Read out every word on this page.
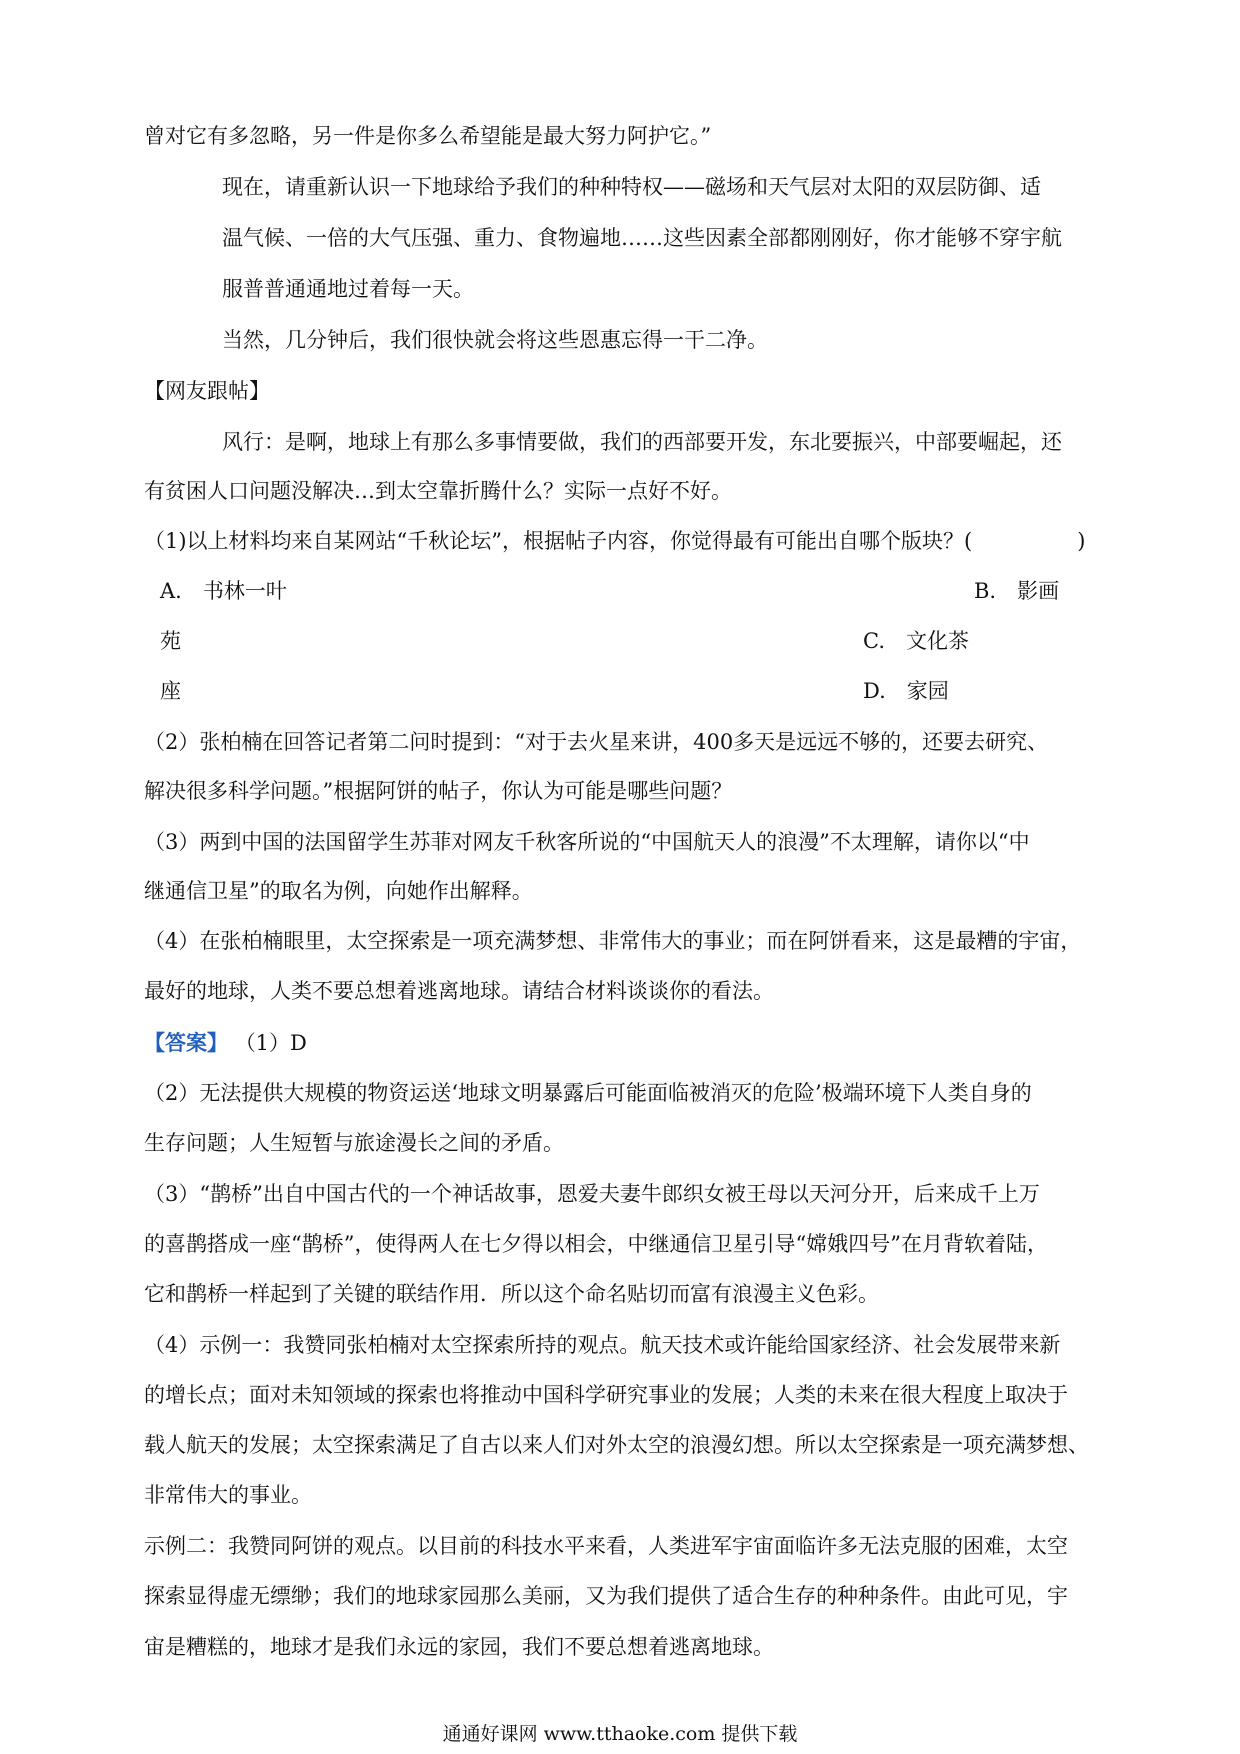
曾对它有多忽略，另一件是你多么希望能是最大努力阿护它。”
现在，请重新认识一下地球给予我们的种种特权——磁场和天气层对太阳的双层防御、适
温气候、一倍的大气压强、重力、食物遍地……这些因素全部都刚刚好，你才能够不穿宇航
服普普通通地过着每一天。
当然，几分钟后，我们很快就会将这些恩惠忘得一干二净。
【网友跟帖】
风行：是啊，地球上有那么多事情要做，我们的西部要开发，东北要振兴，中部要崛起，还
有贫困人口问题没解决…到太空靠折腾什么？实际一点好不好。
（1)以上材料均来自某网站“千秋论坛”，根据帖子内容，你觉得最有可能出自哪个版块？(　　　　　)
A.　书林一叶	B.　影画
苑	C.　文化茶
座	D.　家园
（2）张柏楠在回答记者第二问时提到：“对于去火星来讲，400多天是远远不够的，还要去研究、
解决很多科学问题。”根据阿饼的帖子，你认为可能是哪些问题？
（3）两到中国的法国留学生苏菲对网友千秋客所说的“中国航天人的浪漫”不太理解，请你以“中
继通信卫星”的取名为例，向她作出解释。
（4）在张柏楠眼里，太空探索是一项充满梦想、非常伟大的事业；而在阿饼看来，这是最糟的宇宙，
最好的地球，人类不要总想着逃离地球。请结合材料谈谈你的看法。
【答案】 （1）D
（2）无法提供大规模的物资运送‘地球文明暴露后可能面临被消灭的危险’极端环境下人类自身的
生存问题；人生短暂与旅途漫长之间的矛盾。
（3）“鹊桥”出自中国古代的一个神话故事，恩爱夫妻牛郎织女被王母以天河分开，后来成千上万
的喜鹊搭成一座“鹊桥”，使得两人在七夕得以相会，中继通信卫星引导“嫦娥四号”在月背软着陆，
它和鹊桥一样起到了关键的联结作用．所以这个命名贴切而富有浪漫主义色彩。
（4）示例一：我赞同张柏楠对太空探索所持的观点。航天技术或许能给国家经济、社会发展带来新
的增长点；面对未知领域的探索也将推动中国科学研究事业的发展；人类的未来在很大程度上取决于
载人航天的发展；太空探索满足了自古以来人们对外太空的浪漫幻想。所以太空探索是一项充满梦想、
非常伟大的事业。
示例二：我赞同阿饼的观点。以目前的科技水平来看，人类进军宇宙面临许多无法克服的困难，太空
探索显得虚无缥缈；我们的地球家园那么美丽，又为我们提供了适合生存的种种条件。由此可见，宇
宙是糟糕的，地球才是我们永远的家园，我们不要总想着逃离地球。
通通好课网 www.tthaoke.com 提供下载
